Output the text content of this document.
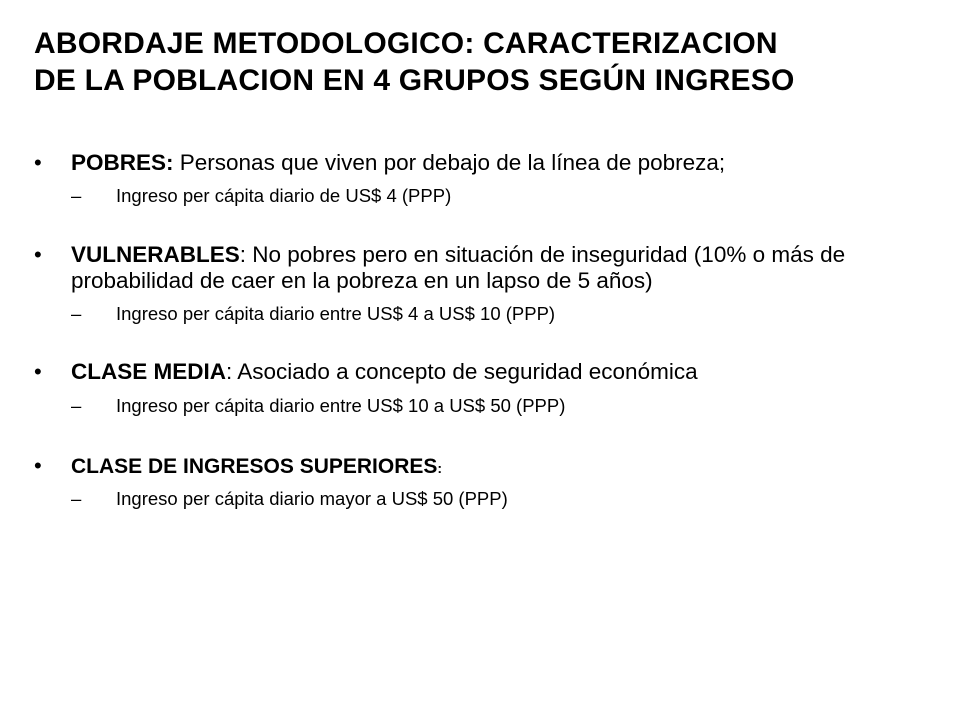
ABORDAJE METODOLOGICO: CARACTERIZACION
DE LA POBLACION EN 4 GRUPOS SEGÚN INGRESO
• POBRES: Personas que viven por debajo de la línea de pobreza;
– Ingreso per cápita diario de US$ 4 (PPP)
• VULNERABLES: No pobres pero en situación de inseguridad (10% o más de probabilidad de caer en la pobreza en un lapso de 5 años)
– Ingreso per cápita diario entre US$ 4 a US$ 10 (PPP)
• CLASE MEDIA: Asociado a concepto de seguridad económica
– Ingreso per cápita diario entre US$ 10 a US$ 50 (PPP)
• CLASE DE INGRESOS SUPERIORES:
– Ingreso per cápita diario mayor a US$ 50 (PPP)
